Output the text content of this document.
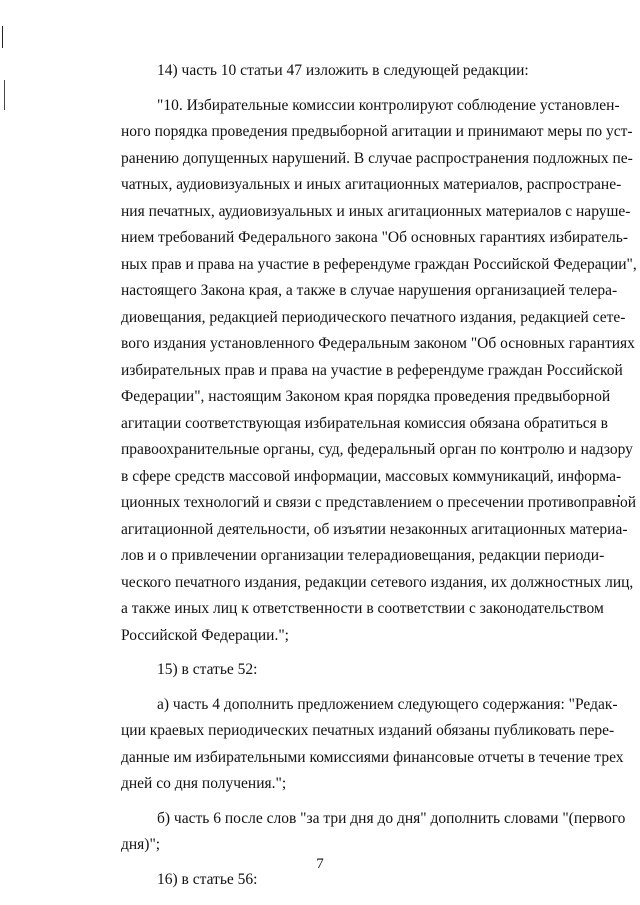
14) часть 10 статьи 47 изложить в следующей редакции:
"10. Избирательные комиссии контролируют соблюдение установлен-
ного порядка проведения предвыборной агитации и принимают меры по уст-
ранению допущенных нарушений. В случае распространения подложных пе-
чатных, аудиовизуальных и иных агитационных материалов, распростране-
ния печатных, аудиовизуальных и иных агитационных материалов с наруше-
нием требований Федерального закона "Об основных гарантиях избиратель-
ных прав и права на участие в референдуме граждан Российской Федерации",
настоящего Закона края, а также в случае нарушения организацией телера-
диовещания, редакцией периодического печатного издания, редакцией сете-
вого издания установленного Федеральным законом "Об основных гарантиях
избирательных прав и права на участие в референдуме граждан Российской
Федерации", настоящим Законом края порядка проведения предвыборной
агитации соответствующая избирательная комиссия обязана обратиться в
правоохранительные органы, суд, федеральный орган по контролю и надзору
в сфере средств массовой информации, массовых коммуникаций, информа-
ционных технологий и связи с представлением о пресечении противоправной
агитационной деятельности, об изъятии незаконных агитационных материа-
лов и о привлечении организации телерадиовещания, редакции периоди-
ческого печатного издания, редакции сетевого издания, их должностных лиц,
а также иных лиц к ответственности в соответствии с законодательством
Российской Федерации.";
15) в статье 52:
а) часть 4 дополнить предложением следующего содержания: "Редак-
ции краевых периодических печатных изданий обязаны публиковать пере-
данные им избирательными комиссиями финансовые отчеты в течение трех
дней со дня получения.";
б) часть 6 после слов "за три дня до дня" дополнить словами "(первого
дня)";
16) в статье 56:
7
